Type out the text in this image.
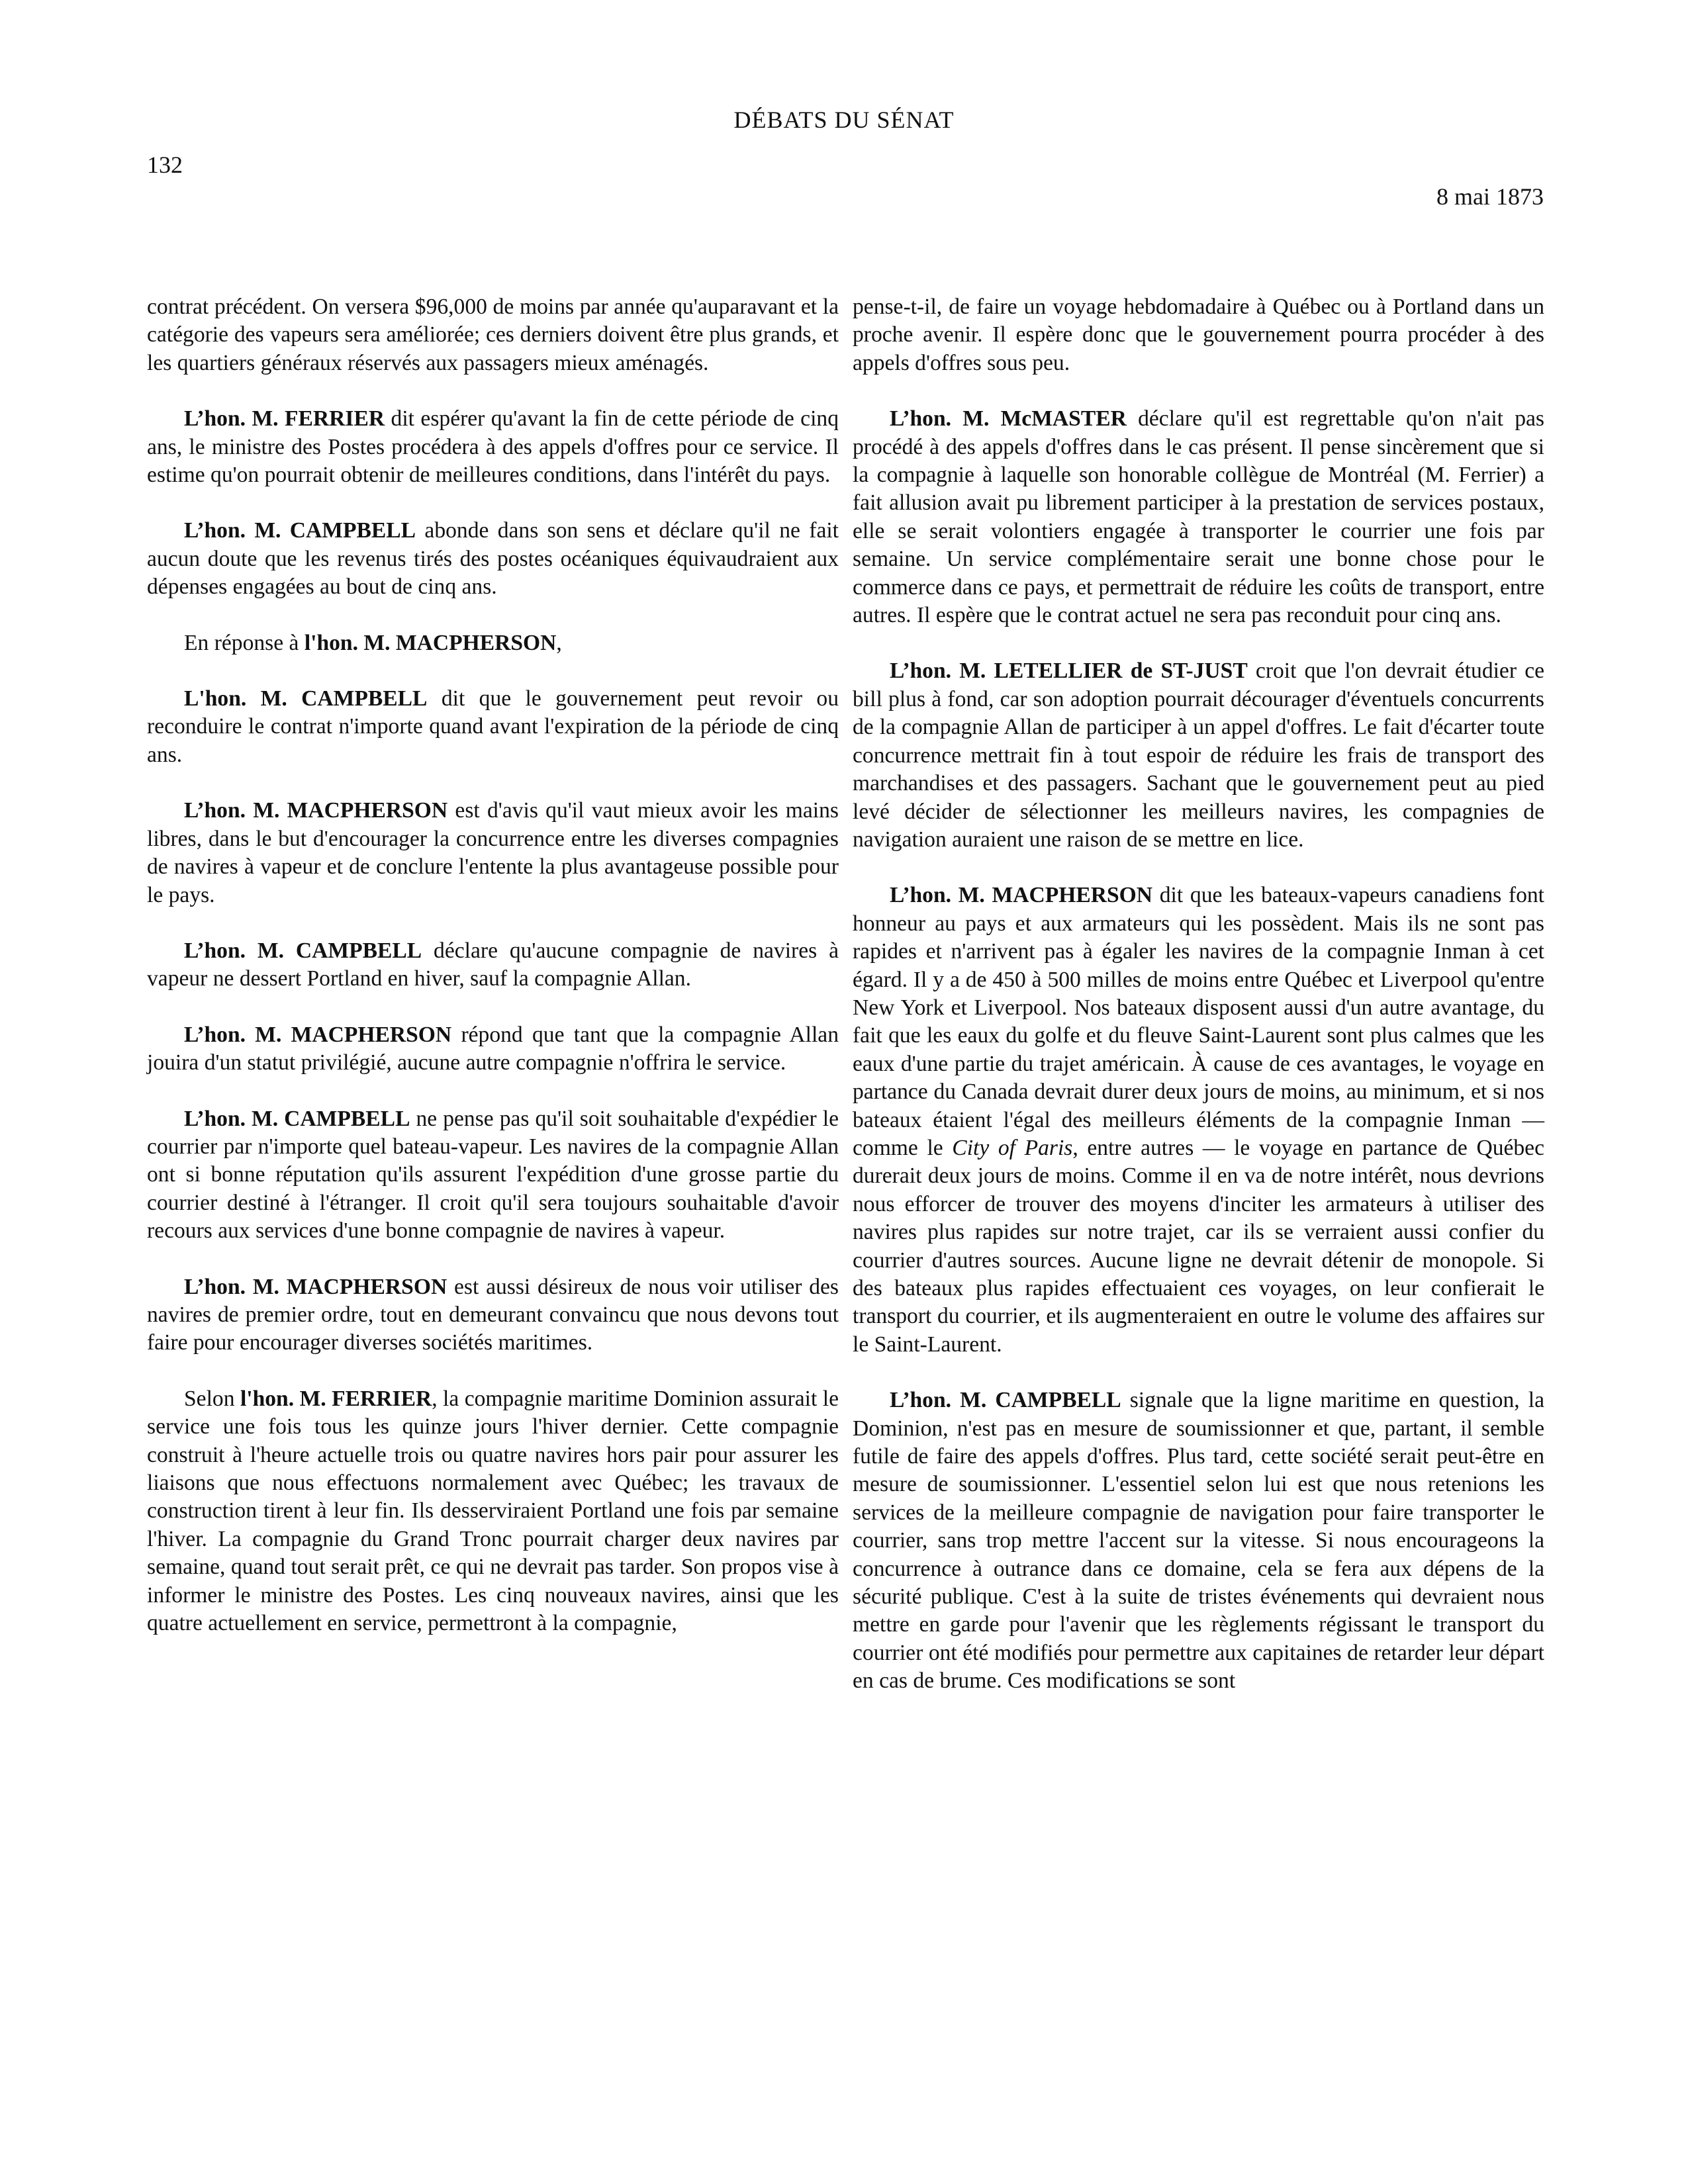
DÉBATS DU SÉNAT
132
8 mai 1873

contrat précédent. On versera $96,000 de moins par année qu'auparavant et la catégorie des vapeurs sera améliorée; ces derniers doivent être plus grands, et les quartiers généraux réservés aux passagers mieux aménagés.

L’hon. M. FERRIER dit espérer qu'avant la fin de cette période de cinq ans, le ministre des Postes procédera à des appels d'offres pour ce service. Il estime qu'on pourrait obtenir de meilleures conditions, dans l'intérêt du pays.

L’hon. M. CAMPBELL abonde dans son sens et déclare qu'il ne fait aucun doute que les revenus tirés des postes océaniques équivaudraient aux dépenses engagées au bout de cinq ans.

En réponse à l'hon. M. MACPHERSON,

L'hon. M. CAMPBELL dit que le gouvernement peut revoir ou reconduire le contrat n'importe quand avant l'expiration de la période de cinq ans.

L’hon. M. MACPHERSON est d'avis qu'il vaut mieux avoir les mains libres, dans le but d'encourager la concurrence entre les diverses compagnies de navires à vapeur et de conclure l'entente la plus avantageuse possible pour le pays.

L’hon. M. CAMPBELL déclare qu'aucune compagnie de navires à vapeur ne dessert Portland en hiver, sauf la compagnie Allan.

L’hon. M. MACPHERSON répond que tant que la compagnie Allan jouira d'un statut privilégié, aucune autre compagnie n'offrira le service.

L’hon. M. CAMPBELL ne pense pas qu'il soit souhaitable d'expédier le courrier par n'importe quel bateau-vapeur. Les navires de la compagnie Allan ont si bonne réputation qu'ils assurent l'expédition d'une grosse partie du courrier destiné à l'étranger. Il croit qu'il sera toujours souhaitable d'avoir recours aux services d'une bonne compagnie de navires à vapeur.

L’hon. M. MACPHERSON est aussi désireux de nous voir utiliser des navires de premier ordre, tout en demeurant convaincu que nous devons tout faire pour encourager diverses sociétés maritimes.

Selon l'hon. M. FERRIER, la compagnie maritime Dominion assurait le service une fois tous les quinze jours l'hiver dernier. Cette compagnie construit à l'heure actuelle trois ou quatre navires hors pair pour assurer les liaisons que nous effectuons normalement avec Québec; les travaux de construction tirent à leur fin. Ils desserviraient Portland une fois par semaine l'hiver. La compagnie du Grand Tronc pourrait charger deux navires par semaine, quand tout serait prêt, ce qui ne devrait pas tarder. Son propos vise à informer le ministre des Postes. Les cinq nouveaux navires, ainsi que les quatre actuellement en service, permettront à la compagnie,

pense-t-il, de faire un voyage hebdomadaire à Québec ou à Portland dans un proche avenir. Il espère donc que le gouvernement pourra procéder à des appels d'offres sous peu.

L’hon. M. McMASTER déclare qu'il est regrettable qu'on n'ait pas procédé à des appels d'offres dans le cas présent. Il pense sincèrement que si la compagnie à laquelle son honorable collègue de Montréal (M. Ferrier) a fait allusion avait pu librement participer à la prestation de services postaux, elle se serait volontiers engagée à transporter le courrier une fois par semaine. Un service complémentaire serait une bonne chose pour le commerce dans ce pays, et permettrait de réduire les coûts de transport, entre autres. Il espère que le contrat actuel ne sera pas reconduit pour cinq ans.

L’hon. M. LETELLIER de ST-JUST croit que l'on devrait étudier ce bill plus à fond, car son adoption pourrait décourager d'éventuels concurrents de la compagnie Allan de participer à un appel d'offres. Le fait d'écarter toute concurrence mettrait fin à tout espoir de réduire les frais de transport des marchandises et des passagers. Sachant que le gouvernement peut au pied levé décider de sélectionner les meilleurs navires, les compagnies de navigation auraient une raison de se mettre en lice.

L’hon. M. MACPHERSON dit que les bateaux-vapeurs canadiens font honneur au pays et aux armateurs qui les possèdent. Mais ils ne sont pas rapides et n'arrivent pas à égaler les navires de la compagnie Inman à cet égard. Il y a de 450 à 500 milles de moins entre Québec et Liverpool qu'entre New York et Liverpool. Nos bateaux disposent aussi d'un autre avantage, du fait que les eaux du golfe et du fleuve Saint-Laurent sont plus calmes que les eaux d'une partie du trajet américain. À cause de ces avantages, le voyage en partance du Canada devrait durer deux jours de moins, au minimum, et si nos bateaux étaient l'égal des meilleurs éléments de la compagnie Inman — comme le City of Paris, entre autres — le voyage en partance de Québec durerait deux jours de moins. Comme il en va de notre intérêt, nous devrions nous efforcer de trouver des moyens d'inciter les armateurs à utiliser des navires plus rapides sur notre trajet, car ils se verraient aussi confier du courrier d'autres sources. Aucune ligne ne devrait détenir de monopole. Si des bateaux plus rapides effectuaient ces voyages, on leur confierait le transport du courrier, et ils augmenteraient en outre le volume des affaires sur le Saint-Laurent.

L’hon. M. CAMPBELL signale que la ligne maritime en question, la Dominion, n'est pas en mesure de soumissionner et que, partant, il semble futile de faire des appels d'offres. Plus tard, cette société serait peut-être en mesure de soumissionner. L'essentiel selon lui est que nous retenions les services de la meilleure compagnie de navigation pour faire transporter le courrier, sans trop mettre l'accent sur la vitesse. Si nous encourageons la concurrence à outrance dans ce domaine, cela se fera aux dépens de la sécurité publique. C'est à la suite de tristes événements qui devraient nous mettre en garde pour l'avenir que les règlements régissant le transport du courrier ont été modifiés pour permettre aux capitaines de retarder leur départ en cas de brume. Ces modifications se sont
